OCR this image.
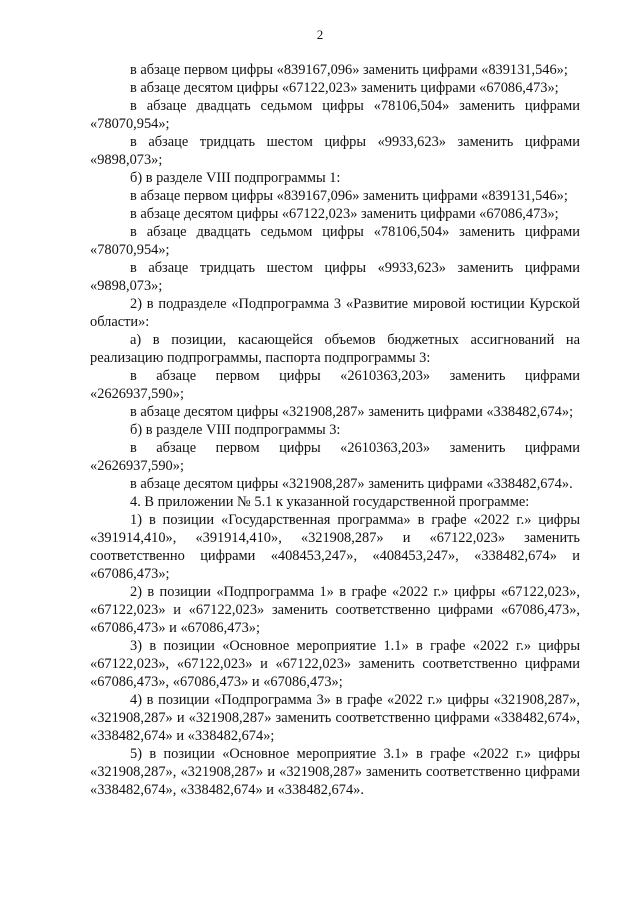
2

в абзаце первом цифры «839167,096» заменить цифрами «839131,546»;

в абзаце десятом цифры «67122,023» заменить цифрами «67086,473»;

в абзаце двадцать седьмом цифры «78106,504» заменить цифрами «78070,954»;

в абзаце тридцать шестом цифры «9933,623» заменить цифрами «9898,073»;

б) в разделе VIII подпрограммы 1:

в абзаце первом цифры «839167,096» заменить цифрами «839131,546»;

в абзаце десятом цифры «67122,023» заменить цифрами «67086,473»;

в абзаце двадцать седьмом цифры «78106,504» заменить цифрами «78070,954»;

в абзаце тридцать шестом цифры «9933,623» заменить цифрами «9898,073»;

2) в подразделе «Подпрограмма 3 «Развитие мировой юстиции Курской области»:

а) в позиции, касающейся объемов бюджетных ассигнований на реализацию подпрограммы, паспорта подпрограммы 3:

в абзаце первом цифры «2610363,203» заменить цифрами «2626937,590»;

в абзаце десятом цифры «321908,287» заменить цифрами «338482,674»;

б) в разделе VIII подпрограммы 3:

в абзаце первом цифры «2610363,203» заменить цифрами «2626937,590»;

в абзаце десятом цифры «321908,287» заменить цифрами «338482,674».

4. В приложении № 5.1 к указанной государственной программе:

1) в позиции «Государственная программа» в графе «2022 г.» цифры «391914,410», «391914,410», «321908,287» и «67122,023» заменить соответственно цифрами «408453,247», «408453,247», «338482,674» и «67086,473»;

2) в позиции «Подпрограмма 1» в графе «2022 г.» цифры «67122,023», «67122,023» и «67122,023» заменить соответственно цифрами «67086,473», «67086,473» и «67086,473»;

3) в позиции «Основное мероприятие 1.1» в графе «2022 г.» цифры «67122,023», «67122,023» и «67122,023» заменить соответственно цифрами «67086,473», «67086,473» и «67086,473»;

4) в позиции «Подпрограмма 3» в графе «2022 г.» цифры «321908,287», «321908,287» и «321908,287» заменить соответственно цифрами «338482,674», «338482,674» и «338482,674»;

5) в позиции «Основное мероприятие 3.1» в графе «2022 г.» цифры «321908,287», «321908,287» и «321908,287» заменить соответственно цифрами «338482,674», «338482,674» и «338482,674».
